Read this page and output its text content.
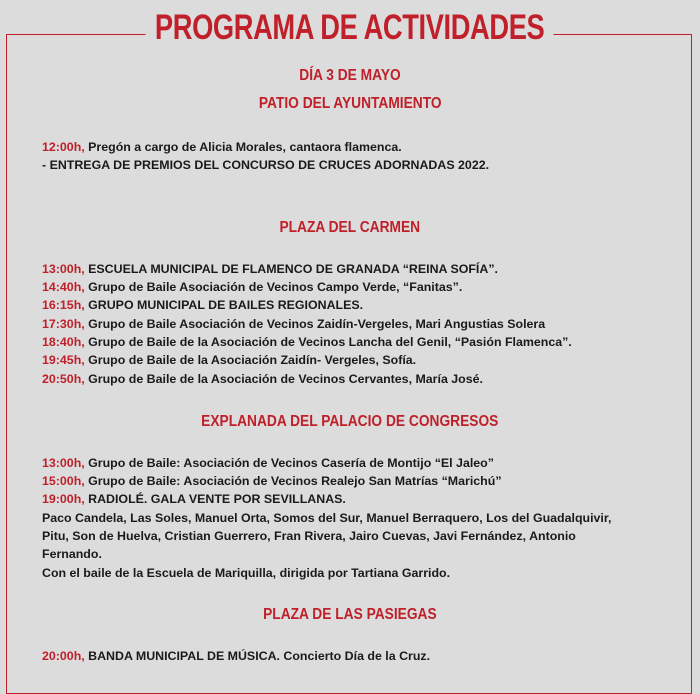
PROGRAMA DE ACTIVIDADES
DÍA 3 DE MAYO
PATIO DEL AYUNTAMIENTO
12:00h, Pregón a cargo de Alicia Morales, cantaora flamenca.
- ENTREGA DE PREMIOS DEL CONCURSO DE CRUCES ADORNADAS 2022.
PLAZA DEL CARMEN
13:00h, ESCUELA MUNICIPAL DE FLAMENCO DE GRANADA “REINA SOFÍA”.
14:40h, Grupo de Baile Asociación de Vecinos Campo Verde, “Fanitas”.
16:15h, GRUPO MUNICIPAL DE BAILES REGIONALES.
17:30h, Grupo de Baile Asociación de Vecinos Zaidín-Vergeles, Mari Angustias Solera
18:40h, Grupo de Baile de la Asociación de Vecinos Lancha del Genil, “Pasión Flamenca”.
19:45h, Grupo de Baile de la Asociación Zaidín- Vergeles, Sofía.
20:50h, Grupo de Baile de la Asociación de Vecinos Cervantes, María José.
EXPLANADA DEL PALACIO DE CONGRESOS
13:00h, Grupo de Baile: Asociación de Vecinos Casería de Montijo “El Jaleo”
15:00h, Grupo de Baile: Asociación de Vecinos Realejo San Matrías “Marichú”
19:00h, RADIOLÉ. GALA VENTE POR SEVILLANAS.
Paco Candela, Las Soles, Manuel Orta, Somos del Sur, Manuel Berraquero, Los del Guadalquivir,
Pitu, Son de Huelva, Cristian Guerrero, Fran Rivera, Jairo Cuevas, Javi Fernández, Antonio
Fernando.
Con el baile de la Escuela de Mariquilla, dirigida por Tartiana Garrido.
PLAZA DE LAS PASIEGAS
20:00h, BANDA MUNICIPAL DE MÚSICA. Concierto Día de la Cruz.
